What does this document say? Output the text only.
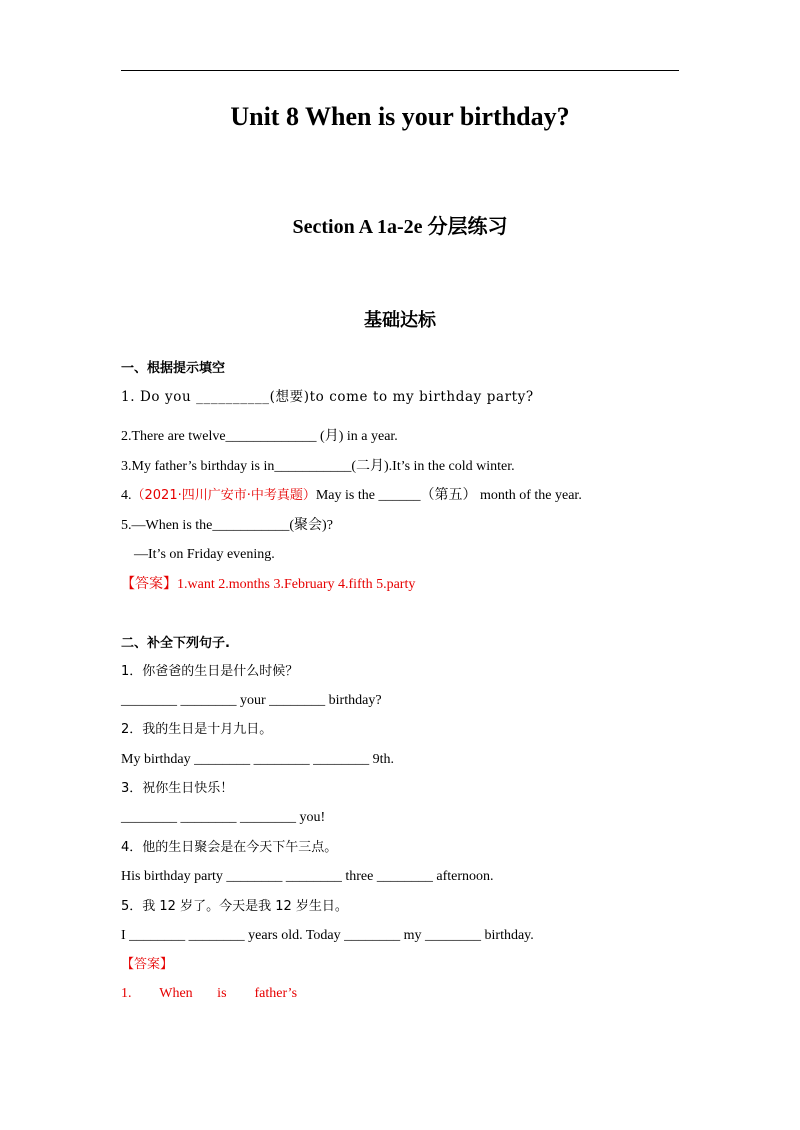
Unit 8 When is your birthday?
Section A 1a-2e 分层练习
基础达标
一、根据提示填空
1. Do you __________(想要)to come to my birthday party?
2.There are twelve_____________ (月) in a year.
3.My father’s birthday is in___________(二月).It’s in the cold winter.
4.（2021·四川广安市·中考真题）May is the ______（第五） month of the year.
5.—When is the___________(聚会)?
—It’s on Friday evening.
【答案】1.want 2.months 3.February 4.fifth 5.party
二、补全下列句子.
1．你爸爸的生日是什么时候？
________ ________ your ________ birthday?
2．我的生日是十月九日。
My birthday ________ ________ ________ 9th.
3．祝你生日快乐！
________ ________ ________ you!
4．他的生日聚会是在今天下午三点。
His birthday party ________ ________ three ________ afternoon.
5．我 12 岁了。今天是我 12 岁生日。
I ________ ________ years old. Today ________ my ________ birthday.
【答案】
1.        When       is        father’s
